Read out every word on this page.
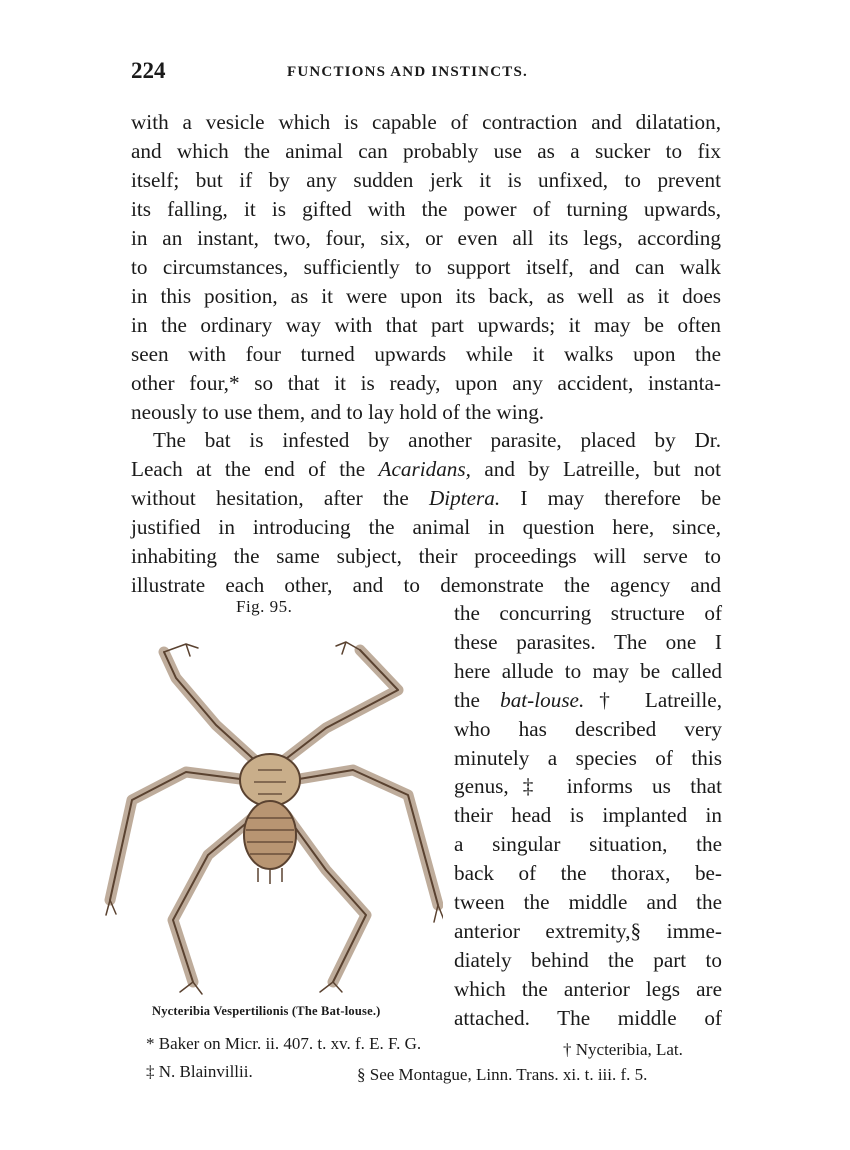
224	FUNCTIONS AND INSTINCTS.
with a vesicle which is capable of contraction and dilatation,
and which the animal can probably use as a sucker to fix
itself; but if by any sudden jerk it is unfixed, to prevent
its falling, it is gifted with the power of turning upwards,
in an instant, two, four, six, or even all its legs, according
to circumstances, sufficiently to support itself, and can walk
in this position, as it were upon its back, as well as it does
in the ordinary way with that part upwards; it may be often
seen with four turned upwards while it walks upon the
other four,* so that it is ready, upon any accident, instanta-
neously to use them, and to lay hold of the wing.
The bat is infested by another parasite, placed by Dr.
Leach at the end of the Acaridans, and by Latreille, but not
without hesitation, after the Diptera. I may therefore be
justified in introducing the animal in question here, since,
inhabiting the same subject, their proceedings will serve to
illustrate each other, and to demonstrate the agency and
Fig. 95.
Nycteribia Vespertilionis (The Bat-louse.)
the concurring structure of
these parasites. The one I
here allude to may be called
the bat-louse.† Latreille,
who has described very
minutely a species of this
genus,‡ informs us that
their head is implanted in
a singular situation, the
back of the thorax, be-
tween the middle and the
anterior extremity,§ imme-
diately behind the part to
which the anterior legs are
attached. The middle of
* Baker on Micr. ii. 407. t. xv. f. E. F. G.	† Nycteribia, Lat.
‡ N. Blainvillii.	§ See Montague, Linn. Trans. xi. t. iii. f. 5.
